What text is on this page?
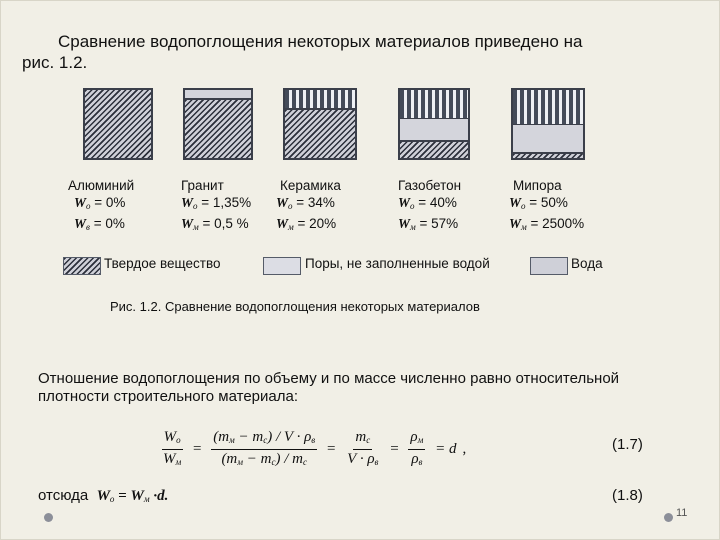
Сравнение водопоглощения некоторых материалов приведено на
рис. 1.2.
Алюминий
$W_о = 0\%$
$W_в = 0\%$
Гранит
$W_о = 1,35\%$
$W_м = 0,5$ %
Керамика
$W_о = 34\%$
$W_м = 20\%$
Газобетон
$W_о = 40\%$
$W_м = 57\%$
Мипора
$W_о = 50\%$
$W_м = 2500\%$
Твердое вещество	Поры, не заполненные водой	Вода
Рис. 1.2. Сравнение водопоглощения некоторых материалов
Отношение водопоглощения по объему и по массе численно равно относительной
плотности строительного материала:
$\frac{W_o}{W_м} = \frac{(m_м - m_с) / V \cdot \rho_в}{(m_м - m_с) / m_с} = \frac{m_с}{V \cdot \rho_в} = \frac{\rho_м}{\rho_в} = d$ ,	(1.7)
отсюда $W_о = W_м \cdot d$.	(1.8)
11
